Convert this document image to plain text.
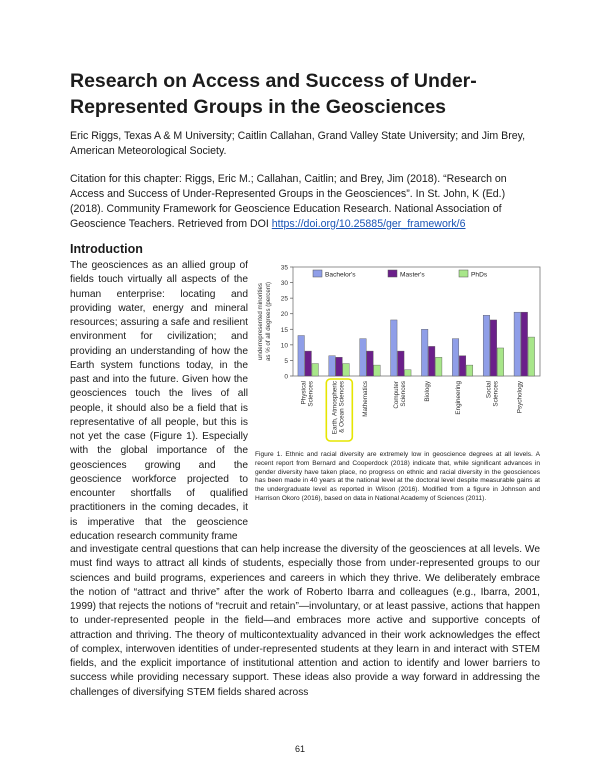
Research on Access and Success of Under-Represented Groups in the Geosciences
Eric Riggs, Texas A & M University; Caitlin Callahan, Grand Valley State University; and Jim Brey, American Meteorological Society.
Citation for this chapter: Riggs, Eric M.; Callahan, Caitlin; and Brey, Jim (2018). “Research on Access and Success of Under-Represented Groups in the Geosciences”. In St. John, K (Ed.) (2018). Community Framework for Geoscience Education Research. National Association of Geoscience Teachers. Retrieved from DOI https://doi.org/10.25885/ger_framework/6
Introduction
The geosciences as an allied group of fields touch virtually all aspects of the human enterprise: locating and providing water, energy and mineral resources; assuring a safe and resilient environment for civilization; and providing an understanding of how the Earth system functions today, in the past and into the future. Given how the geosciences touch the lives of all people, it should also be a field that is representative of all people, but this is not yet the case (Figure 1). Especially with the global importance of the geosciences growing and the geoscience workforce projected to encounter shortfalls of qualified practitioners in the coming decades, it is imperative that the geoscience education research community frame
and investigate central questions that can help increase the diversity of the geosciences at all levels. We must find ways to attract all kinds of students, especially those from under-represented groups to our sciences and build programs, experiences and careers in which they thrive. We deliberately embrace the notion of “attract and thrive” after the work of Roberto Ibarra and colleagues (e.g., Ibarra, 2001, 1999) that rejects the notions of “recruit and retain”—involuntary, or at least passive, actions that happen to under-represented people in the field—and embraces more active and supportive concepts of attraction and thriving. The theory of multicontextuality advanced in their work acknowledges the effect of complex, interwoven identities of under-represented students at they learn in and interact with STEM fields, and the explicit importance of institutional attention and action to identify and lower barriers to success while providing necessary support. These ideas also provide a way forward in addressing the challenges of diversifying STEM fields shared across
0
5
10
15
20
25
30
35
underrepresented minorities as % of all degrees (percent)
Bachelor's	Master's	PhDs
Physical Sciences	Earth, Atmospheric & Ocean Sciences	Mathematics	Computer Sciences	Biology	Engineering	Social Sciences	Psychology
Figure 1. Ethnic and racial diversity are extremely low in geoscience degrees at all levels. A recent report from Bernard and Cooperdock (2018) indicate that, while significant advances in gender diversity have taken place, no progress on ethnic and racial diversity in the geosciences has been made in 40 years at the national level at the doctoral level despite measurable gains at the undergraduate level as reported in Wilson (2016). Modified from a figure in Johnson and Harrison Okoro (2016), based on data in National Academy of Sciences (2011).
61
